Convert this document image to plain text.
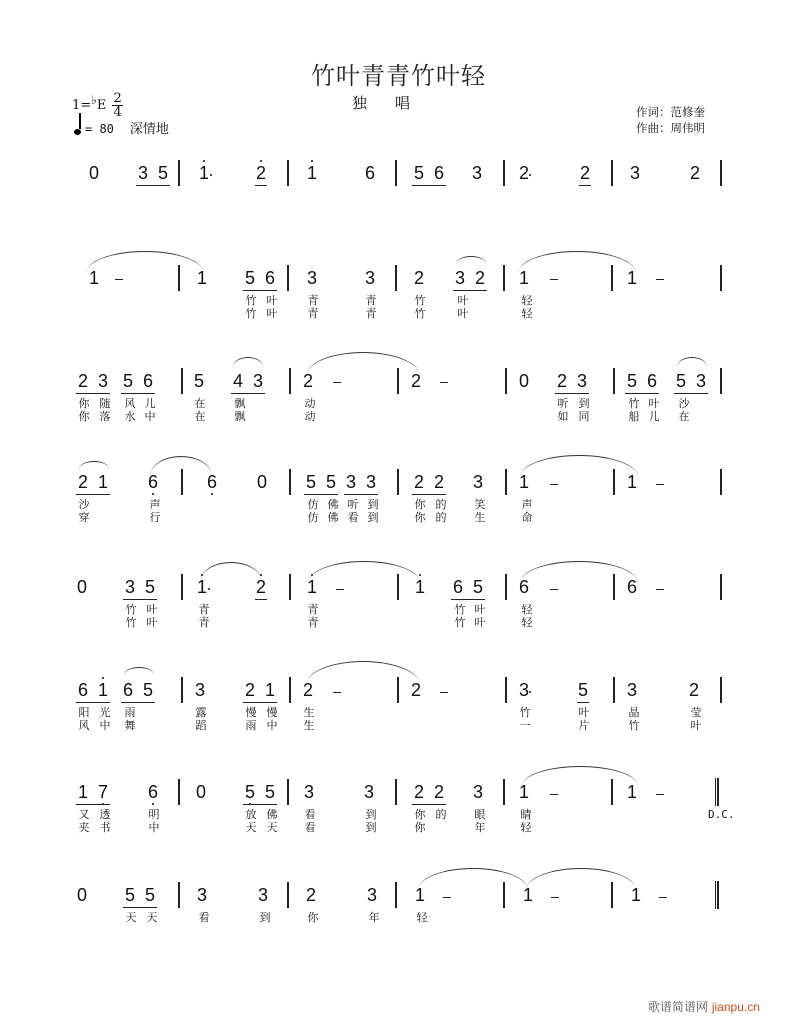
竹叶青青竹叶轻
独唱
1=♭E $\frac{2}{4}$
= 80 深情地
作词：范修奎
作曲：周伟明
0 3 5 1	2 1	6 5 6 3 2	2 3	2
1	1 5 6 3	3 2 3 2 1	1
竹 叶	青	青	竹	叶	轻
竹 叶	青	青	竹	叶	轻
2 3 5 6 5 4 3 2	2	0 2 3 5 6 5 3
你 随 风 儿	在	飘	动	听 到	竹 叶 沙
你 落 水 中	在	飘	动	如 同	船 儿 在
2 1 6	6 0 5 5 3 3 2 2 3 1	1
沙	声	仿 佛 听 到	你 的	笑	声
穿	行	仿 佛 看 到	你 的	生	命
0 3 5 1	2 1	1 6 5 6	6
竹 叶	青	青	竹 叶	轻
竹 叶	青	青	竹 叶	轻
6 1 6 5 3 2 1 2	2	3	5 3	2
阳 光 雨	露	慢 慢 生	竹	叶	晶	莹
风 中 舞	蹈	雨 中 生	一	片	竹	叶
1 7 6 0 5 5 3	3 2 2 3 1	1
又 透	明	放 佛 看	到	你 的	眼	睛
夹 书	中	天 天 看	到	你	年	轻
0 5 5 3	3 2	3 1	1	1
天 天	看	到	你	年	轻
D.C.
歌谱简谱网 jianpu.cn
